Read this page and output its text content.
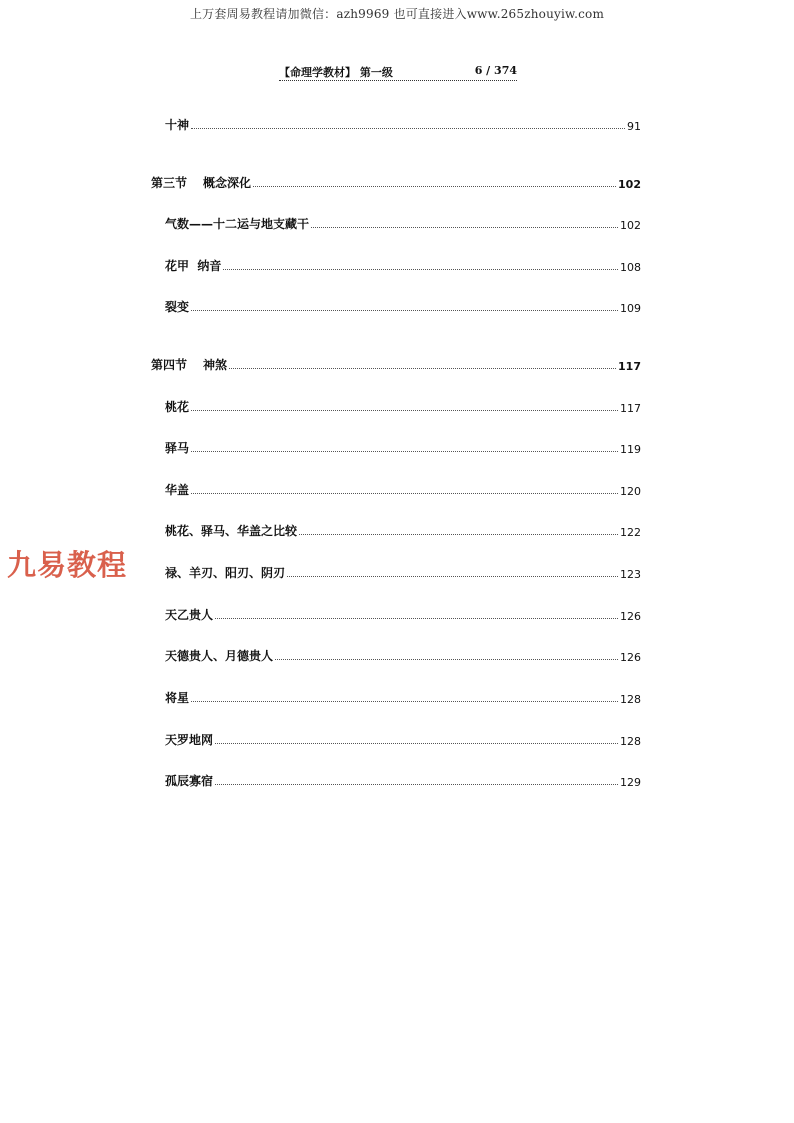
上万套周易教程请加微信：azh9969 也可直接进入www.265zhouyiw.com
【命理学教材】 第一级	6 / 374
十神	91
第三节 概念深化	102
气数——十二运与地支藏干	102
花甲  纳音	108
裂变	109
第四节 神煞	117
桃花	117
驿马	119
华盖	120
桃花、驿马、华盖之比较	122
禄、羊刃、阳刃、阴刃	123
天乙贵人	126
天德贵人、月德贵人	126
将星	128
天罗地网	128
孤辰寡宿	129
九易教程
